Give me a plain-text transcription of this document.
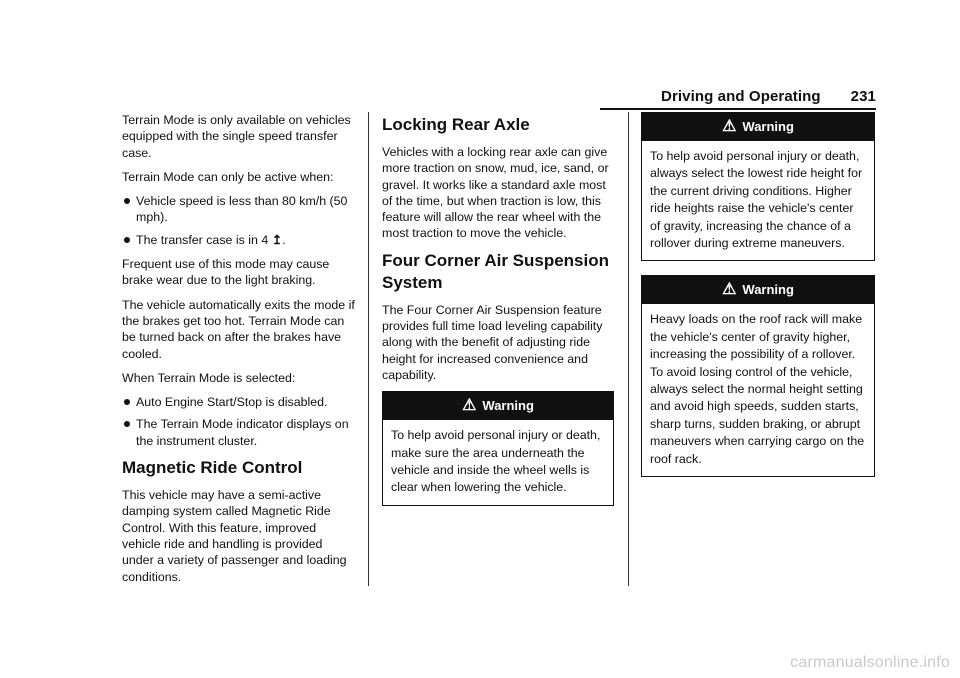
Driving and Operating 231

Terrain Mode is only available on vehicles equipped with the single speed transfer case.

Terrain Mode can only be active when:

Vehicle speed is less than 80 km/h (50 mph).
The transfer case is in 4 ↥.

Frequent use of this mode may cause brake wear due to the light braking.

The vehicle automatically exits the mode if the brakes get too hot. Terrain Mode can be turned back on after the brakes have cooled.

When Terrain Mode is selected:

Auto Engine Start/Stop is disabled.
The Terrain Mode indicator displays on the instrument cluster.
Magnetic Ride Control

This vehicle may have a semi-active damping system called Magnetic Ride Control. With this feature, improved vehicle ride and handling is provided under a variety of passenger and loading conditions.

Locking Rear Axle

Vehicles with a locking rear axle can give more traction on snow, mud, ice, sand, or gravel. It works like a standard axle most of the time, but when traction is low, this feature will allow the rear wheel with the most traction to move the vehicle.

Four Corner Air Suspension System

The Four Corner Air Suspension feature provides full time load leveling capability along with the benefit of adjusting ride height for increased convenience and capability.

⚠ Warning
To help avoid personal injury or death, make sure the area underneath the vehicle and inside the wheel wells is clear when lowering the vehicle.
⚠ Warning
To help avoid personal injury or death, always select the lowest ride height for the current driving conditions. Higher ride heights raise the vehicle's center of gravity, increasing the chance of a rollover during extreme maneuvers.
⚠ Warning
Heavy loads on the roof rack will make the vehicle's center of gravity higher, increasing the possibility of a rollover. To avoid losing control of the vehicle, always select the normal height setting and avoid high speeds, sudden starts, sharp turns, sudden braking, or abrupt maneuvers when carrying cargo on the roof rack.
carmanualsonline.info
